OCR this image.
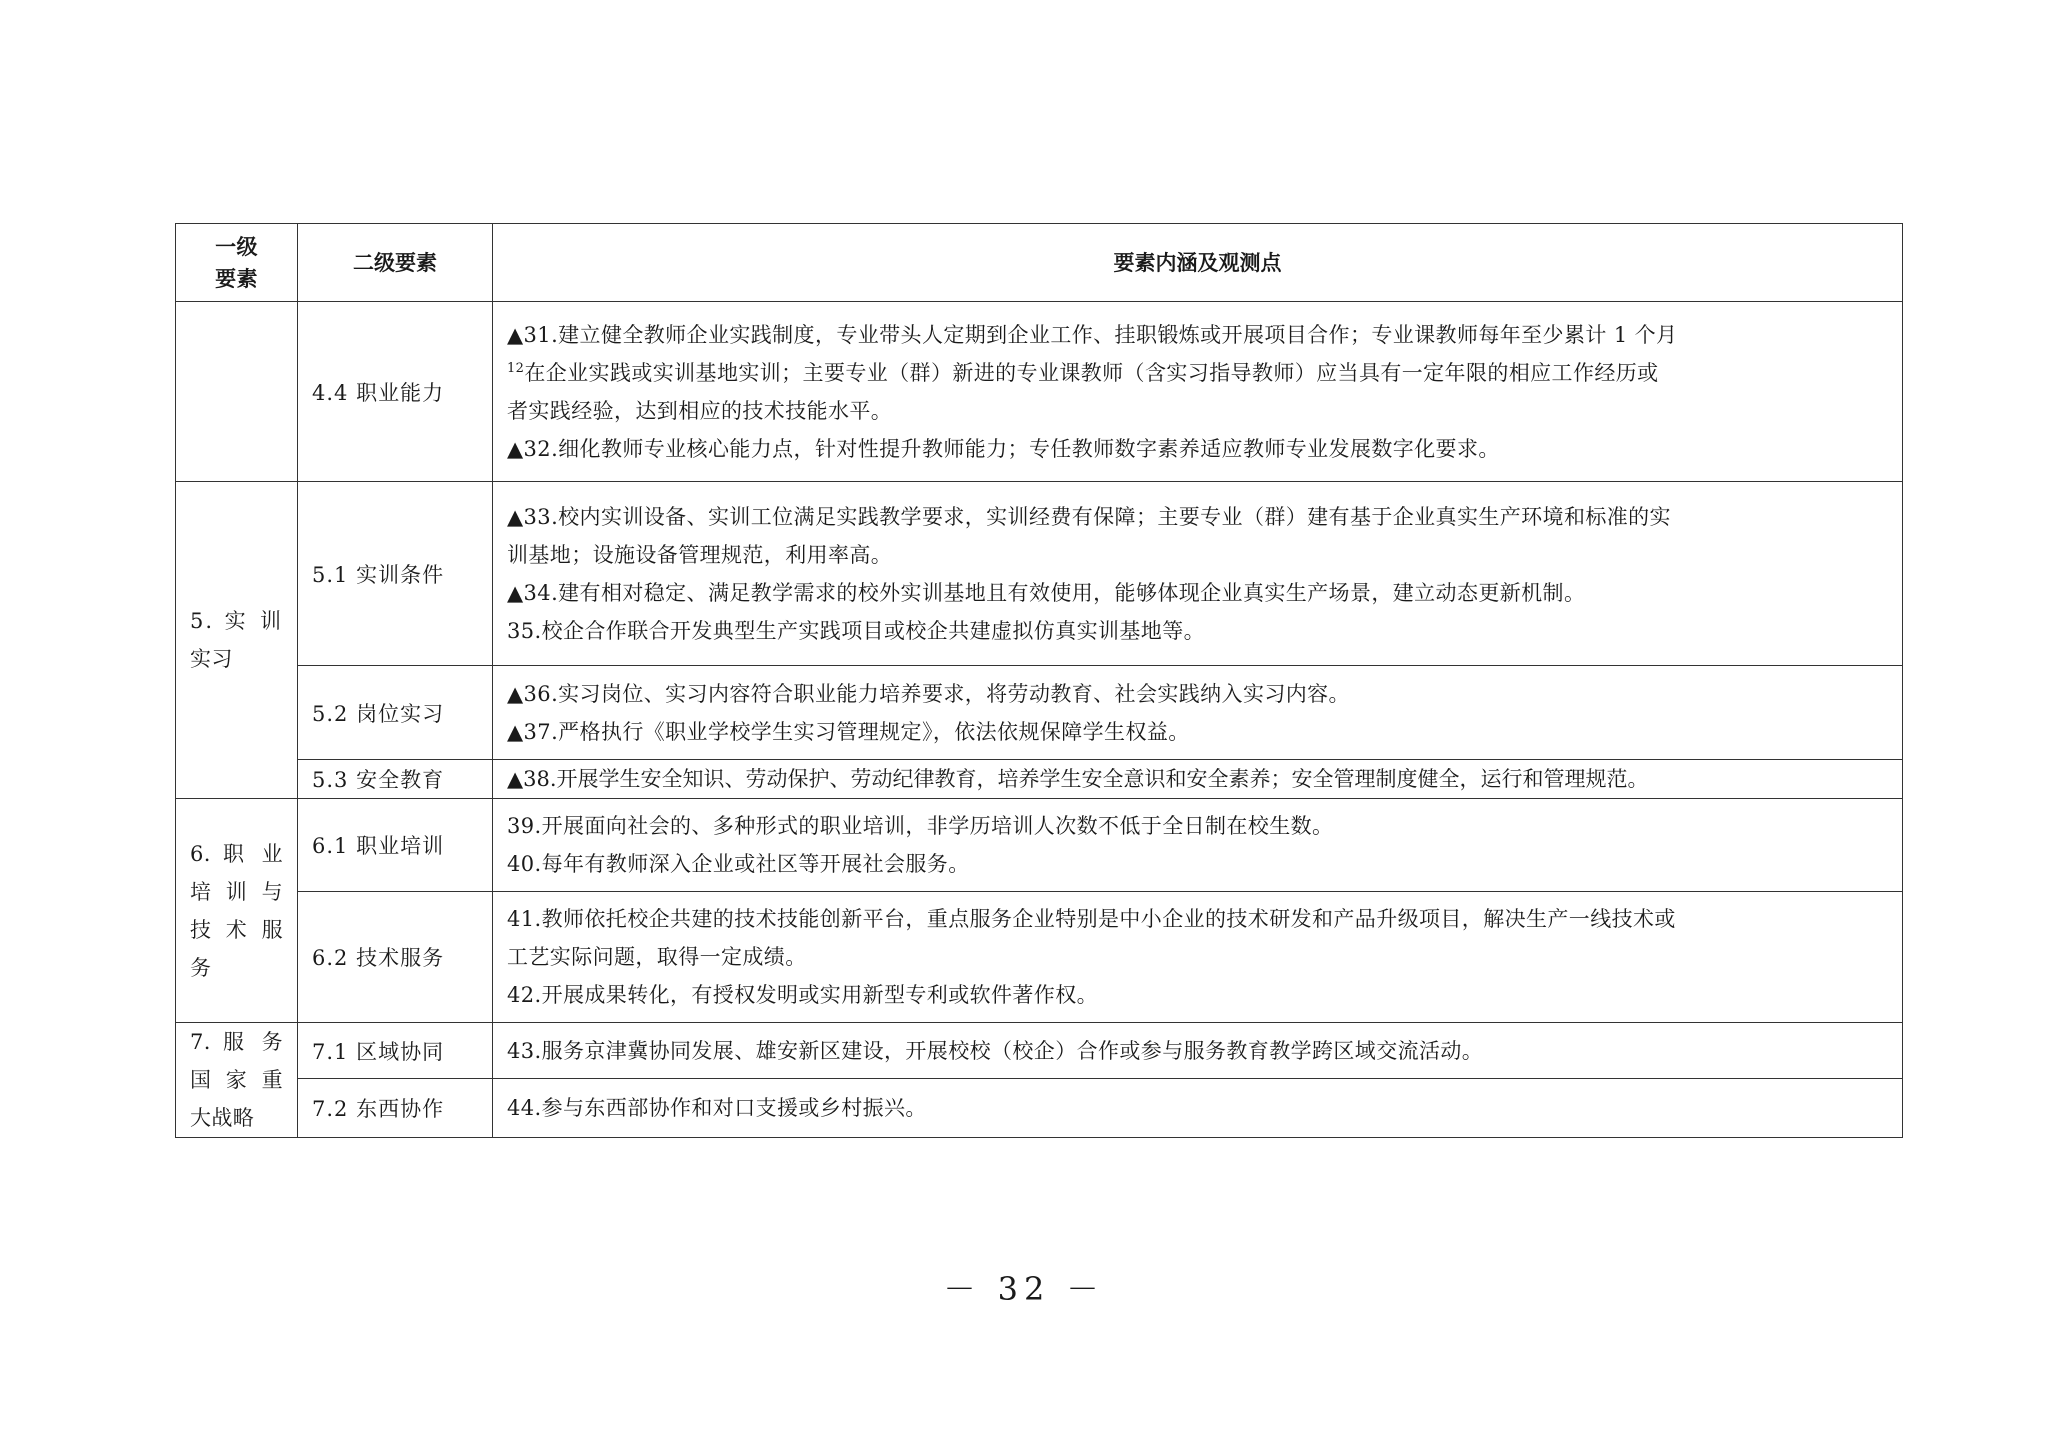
一级
要素	二级要素	要素内涵及观测点
	4.4 职业能力	▲31.建立健全教师企业实践制度，专业带头人定期到企业工作、挂职锻炼或开展项目合作；专业课教师每年至少累计 1 个月
$^{12}$在企业实践或实训基地实训；主要专业（群）新进的专业课教师（含实习指导教师）应当具有一定年限的相应工作经历或
者实践经验，达到相应的技术技能水平。
▲32.细化教师专业核心能力点，针对性提升教师能力；专任教师数字素养适应教师专业发展数字化要求。

5. 实 训
实习	5.1 实训条件	▲33.校内实训设备、实训工位满足实践教学要求，实训经费有保障；主要专业（群）建有基于企业真实生产环境和标准的实
训基地；设施设备管理规范，利用率高。
▲34.建有相对稳定、满足教学需求的校外实训基地且有效使用，能够体现企业真实生产场景，建立动态更新机制。
35.校企合作联合开发典型生产实践项目或校企共建虚拟仿真实训基地等。

	5.2 岗位实习	▲36.实习岗位、实习内容符合职业能力培养要求，将劳动教育、社会实践纳入实习内容。
▲37.严格执行《职业学校学生实习管理规定》，依法依规保障学生权益。

	5.3 安全教育	▲38.开展学生安全知识、劳动保护、劳动纪律教育，培养学生安全意识和安全素养；安全管理制度健全，运行和管理规范。

6. 职 业
培 训 与
技 术 服
务	6.1 职业培训	39.开展面向社会的、多种形式的职业培训，非学历培训人次数不低于全日制在校生数。
40.每年有教师深入企业或社区等开展社会服务。

	6.2 技术服务	41.教师依托校企共建的技术技能创新平台，重点服务企业特别是中小企业的技术研发和产品升级项目，解决生产一线技术或
工艺实际问题，取得一定成绩。
42.开展成果转化，有授权发明或实用新型专利或软件著作权。

7. 服 务
国 家 重
大战略	7.1 区域协同	43.服务京津冀协同发展、雄安新区建设，开展校校（校企）合作或参与服务教育教学跨区域交流活动。

	7.2 东西协作	44.参与东西部协作和对口支援或乡村振兴。
－ 32 －
